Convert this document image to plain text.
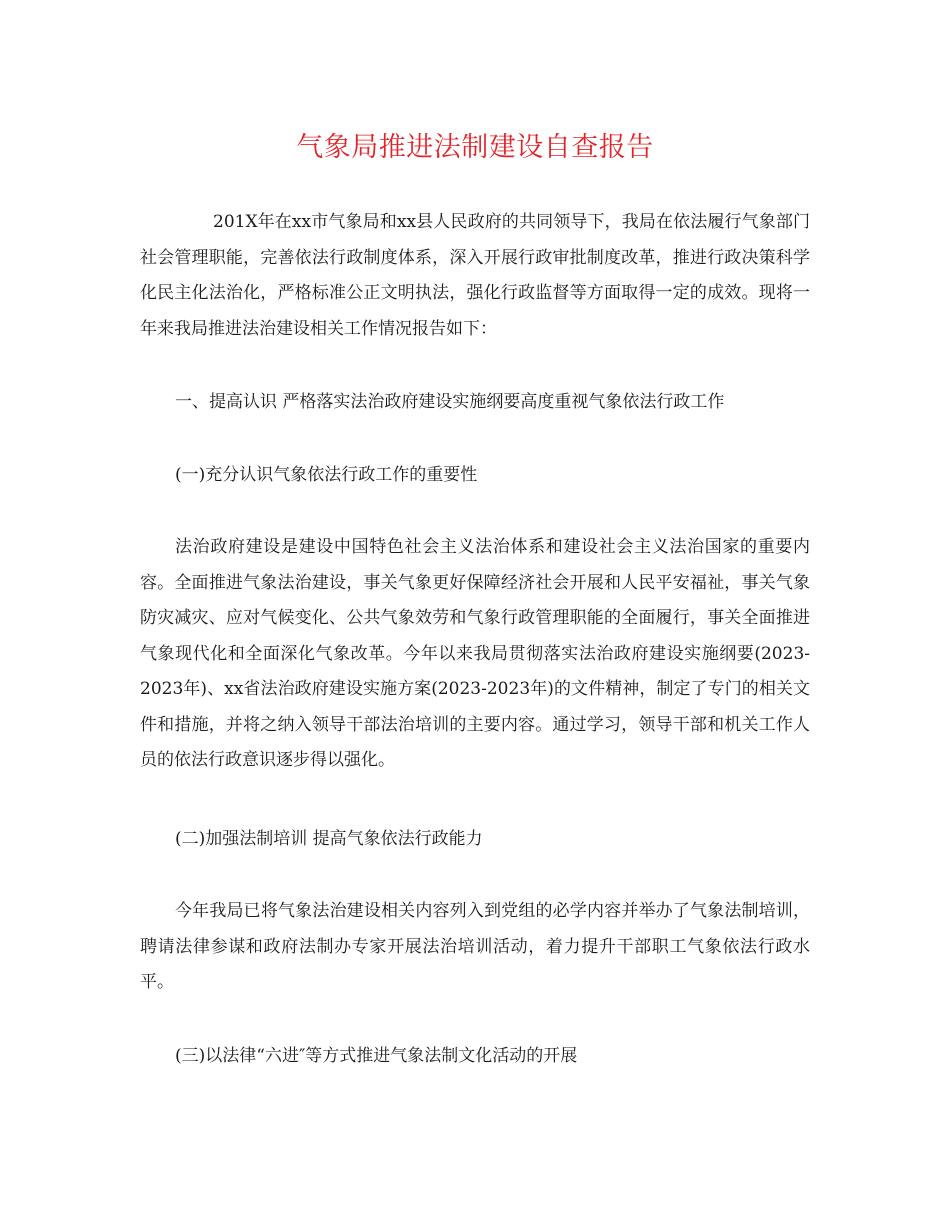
气象局推进法制建设自查报告

201X年在xx市气象局和xx县人民政府的共同领导下，我局在依法履行气象部门社会管理职能，完善依法行政制度体系，深入开展行政审批制度改革，推进行政决策科学化民主化法治化，严格标准公正文明执法，强化行政监督等方面取得一定的成效。现将一年来我局推进法治建设相关工作情况报告如下：

一、提高认识 严格落实法治政府建设实施纲要高度重视气象依法行政工作

(一)充分认识气象依法行政工作的重要性

法治政府建设是建设中国特色社会主义法治体系和建设社会主义法治国家的重要内容。全面推进气象法治建设，事关气象更好保障经济社会开展和人民平安福祉，事关气象防灾减灾、应对气候变化、公共气象效劳和气象行政管理职能的全面履行，事关全面推进气象现代化和全面深化气象改革。今年以来我局贯彻落实法治政府建设实施纲要(2023-2023年)、xx省法治政府建设实施方案(2023-2023年)的文件精神，制定了专门的相关文件和措施，并将之纳入领导干部法治培训的主要内容。通过学习，领导干部和机关工作人员的依法行政意识逐步得以强化。

(二)加强法制培训 提高气象依法行政能力

今年我局已将气象法治建设相关内容列入到党组的必学内容并举办了气象法制培训，聘请法律参谋和政府法制办专家开展法治培训活动，着力提升干部职工气象依法行政水平。

(三)以法律“六进″等方式推进气象法制文化活动的开展
